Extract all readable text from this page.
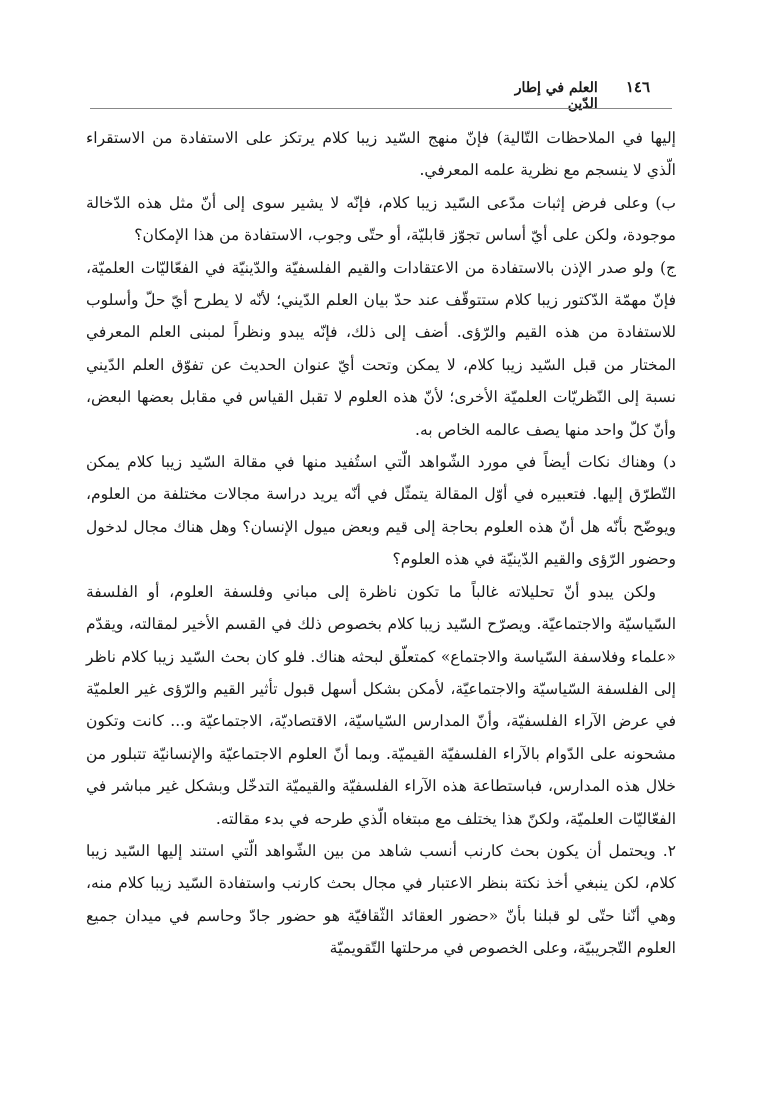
١٤٦
العلم في إطار الدّين

إليها في الملاحظات التّالية) فإنّ منهج السّيد زيبا كلام يرتكز على الاستفادة من الاستقراء الّذي لا ينسجم مع نظرية علمه المعرفي.

ب) وعلى فرض إثبات مدّعى السّيد زيبا كلام، فإنّه لا يشير سوى إلى أنّ مثل هذه الدّخالة موجودة، ولكن على أيّ أساس تجوّز قابليّة، أو حتّى وجوب، الاستفادة من هذا الإمكان؟

ج) ولو صدر الإذن بالاستفادة من الاعتقادات والقيم الفلسفيّة والدّينيّة في الفعّاليّات العلميّة، فإنّ مهمّة الدّكتور زيبا كلام ستتوقّف عند حدّ بيان العلم الدّيني؛ لأنّه لا يطرح أيّ حلّ وأسلوب للاستفادة من هذه القيم والرّؤى. أضف إلى ذلك، فإنّه يبدو ونظراً لمبنى العلم المعرفي المختار من قبل السّيد زيبا كلام، لا يمكن وتحت أيّ عنوان الحديث عن تفوّق العلم الدّيني نسبة إلى النّظريّات العلميّة الأخرى؛ لأنّ هذه العلوم لا تقبل القياس في مقابل بعضها البعض، وأنّ كلّ واحد منها يصف عالمه الخاص به.

د) وهناك نكات أيضاً في مورد الشّواهد الّتي استُفيد منها في مقالة السّيد زيبا كلام يمكن التّطرّق إليها. فتعبيره في أوّل المقالة يتمثّل في أنّه يريد دراسة مجالات مختلفة من العلوم، ويوضّح بأنّه هل أنّ هذه العلوم بحاجة إلى قيم وبعض ميول الإنسان؟ وهل هناك مجال لدخول وحضور الرّؤى والقيم الدّينيّة في هذه العلوم؟

ولكن يبدو أنّ تحليلاته غالباً ما تكون ناظرة إلى مباني وفلسفة العلوم، أو الفلسفة السّياسيّة والاجتماعيّة. ويصرّح السّيد زيبا كلام بخصوص ذلك في القسم الأخير لمقالته، ويقدّم «علماء وفلاسفة السّياسة والاجتماع» كمتعلّق لبحثه هناك. فلو كان بحث السّيد زيبا كلام ناظر إلى الفلسفة السّياسيّة والاجتماعيّة، لأمكن بشكل أسهل قبول تأثير القيم والرّؤى غير العلميّة في عرض الآراء الفلسفيّة، وأنّ المدارس السّياسيّة، الاقتصاديّة، الاجتماعيّة و... كانت وتكون مشحونه على الدّوام بالآراء الفلسفيّة القيميّة. وبما أنّ العلوم الاجتماعيّة والإنسانيّة تتبلور من خلال هذه المدارس، فباستطاعة هذه الآراء الفلسفيّة والقيميّة التدخّل وبشكل غير مباشر في الفعّاليّات العلميّة، ولكنّ هذا يختلف مع مبتغاه الّذي طرحه في بدء مقالته.

٢. ويحتمل أن يكون بحث كارنب أنسب شاهد من بين الشّواهد الّتي استند إليها السّيد زيبا كلام، لكن ينبغي أخذ نكتة بنظر الاعتبار في مجال بحث كارنب واستفادة السّيد زيبا كلام منه، وهي أنّنا حتّى لو قبلنا بأنّ «حضور العقائد الثّقافيّة هو حضور جادّ وحاسم في ميدان جميع العلوم التّجريبيّة، وعلى الخصوص في مرحلتها التّقويميّة
